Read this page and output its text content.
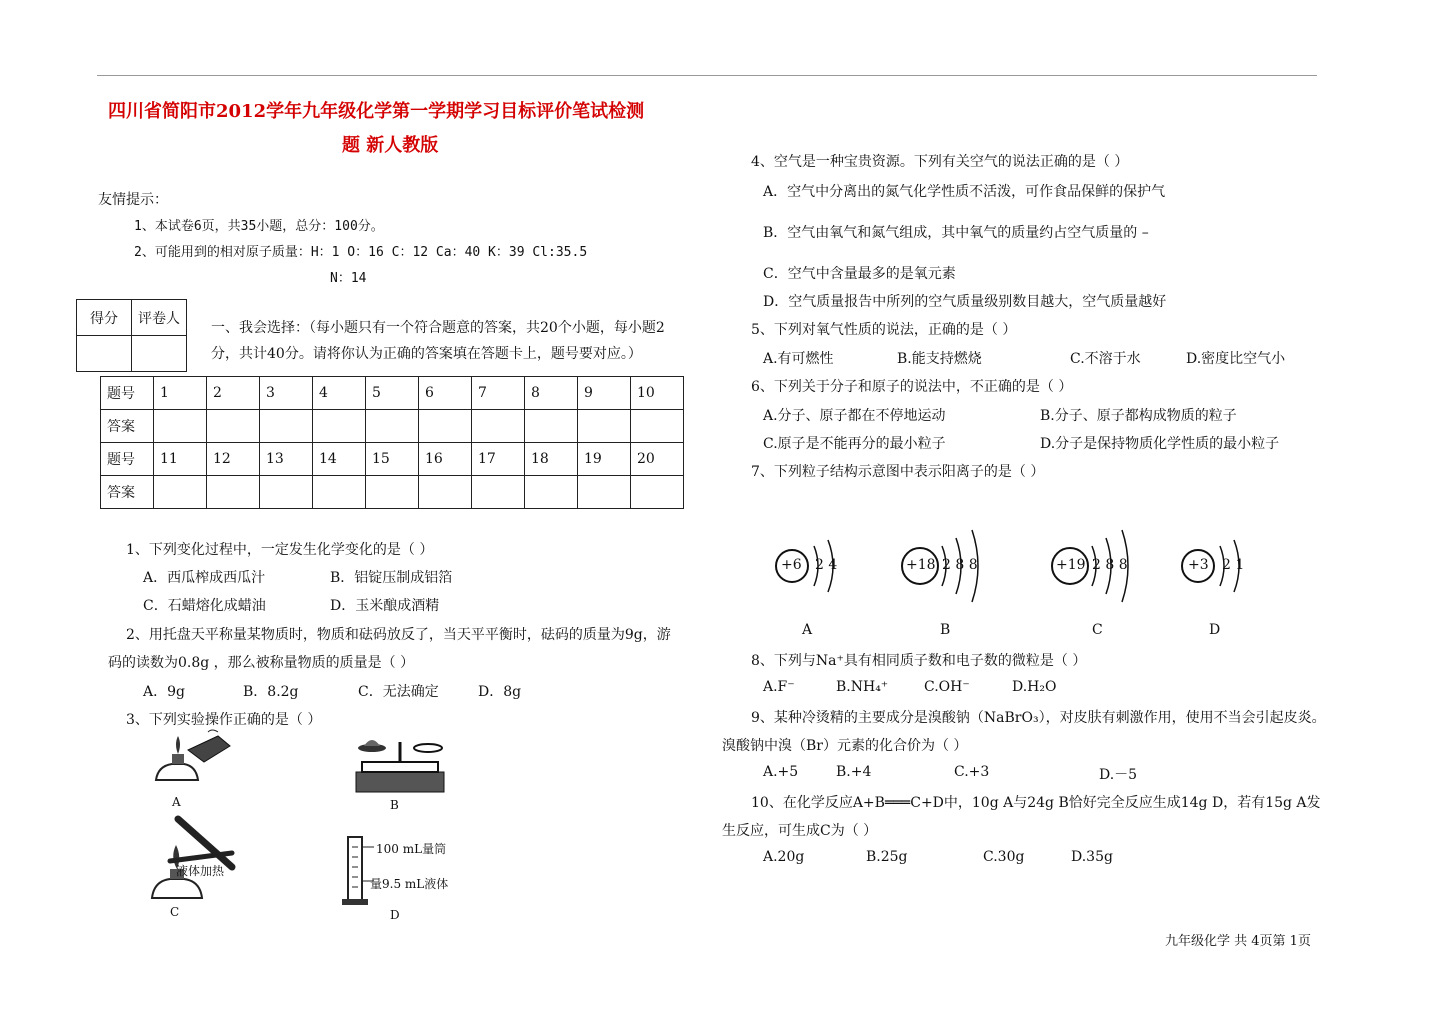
四川省简阳市2012学年九年级化学第一学期学习目标评价笔试检测
题 新人教版
友情提示：
1、本试卷6页，共35小题，总分：100分。
2、可能用到的相对原子质量：H：1 O：16 C：12 Ca：40 K：39 Cl:35.5
N：14
得分	评卷人

一、我会选择：（每小题只有一个符合题意的答案，共20个小题，每小题2
分，共计40分。请将你认为正确的答案填在答题卡上，题号要对应。）
题号	1	2	3	4	5	6	7	8	9	10
答案										
题号	11	12	13	14	15	16	17	18	19	20
答案										
1、下列变化过程中，一定发生化学变化的是（ ）
A．西瓜榨成西瓜汁	B．铝锭压制成铝箔
C．石蜡熔化成蜡油	D．玉米酿成酒精
2、用托盘天平称量某物质时，物质和砝码放反了，当天平平衡时，砝码的质量为9g，游
码的读数为0.8g ，那么被称量物质的质量是（ ）
A．9g	B．8.2g	C．无法确定	D．8g
3、下列实验操作正确的是（ ）
A	B
液体加热
C
100 mL量筒
量9.5 mL液体
D
4、空气是一种宝贵资源。下列有关空气的说法正确的是（ ）
A．空气中分离出的氮气化学性质不活泼，可作食品保鲜的保护气
B．空气由氧气和氮气组成，其中氧气的质量约占空气质量的 –
C．空气中含量最多的是氧元素
D．空气质量报告中所列的空气质量级别数目越大，空气质量越好
5、下列对氧气性质的说法，正确的是（ ）
A.有可燃性	B.能支持燃烧	C.不溶于水	D.密度比空气小
6、下列关于分子和原子的说法中，不正确的是（ ）
A.分子、原子都在不停地运动	B.分子、原子都构成物质的粒子
C.原子是不能再分的最小粒子	D.分子是保持物质化学性质的最小粒子
7、下列粒子结构示意图中表示阳离子的是（ ）
+6 2 4	+18 2 8 8	+19 2 8 8	+3 2 1
A	B	C	D
8、下列与Na⁺具有相同质子数和电子数的微粒是（ ）
A.F⁻	B.NH₄⁺	C.OH⁻	D.H₂O
9、某种冷烫精的主要成分是溴酸钠（NaBrO₃），对皮肤有刺激作用，使用不当会引起皮炎。
溴酸钠中溴（Br）元素的化合价为（ ）
A.+5	B.+4	C.+3	D.－5
10、在化学反应A+B═══C+D中，10g A与24g B恰好完全反应生成14g D，若有15g A发
生反应，可生成C为（ ）
A.20g	B.25g	C.30g	D.35g
九年级化学 共 4页第 1页
